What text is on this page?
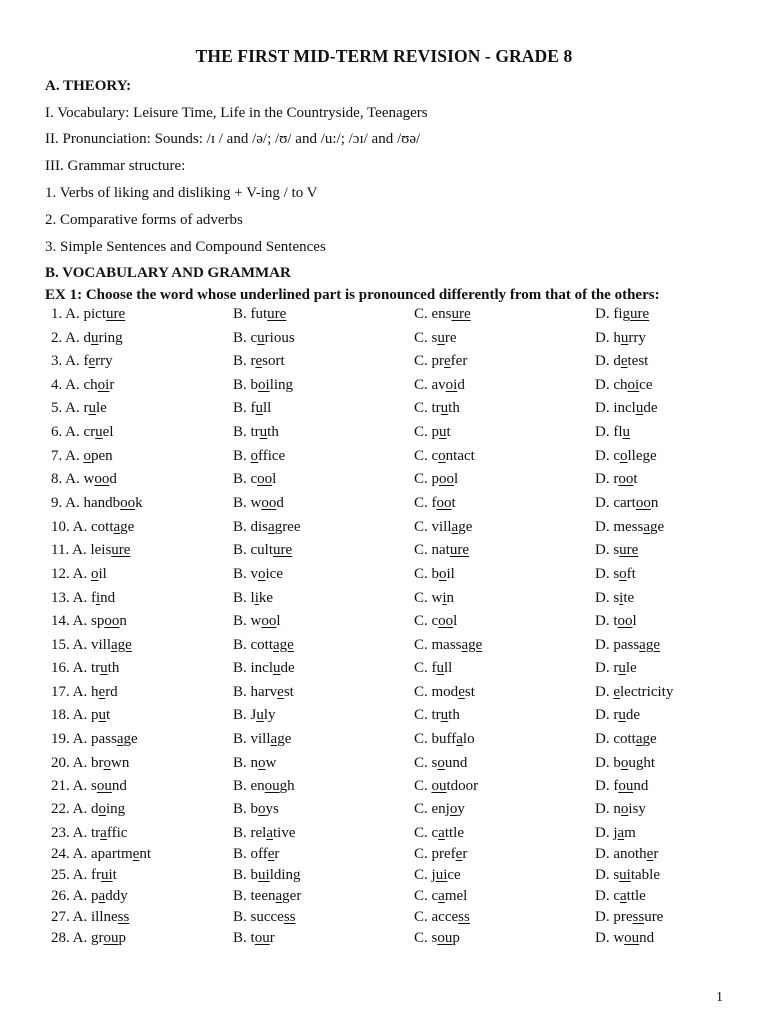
THE FIRST MID-TERM REVISION - GRADE 8
A. THEORY:
I. Vocabulary: Leisure Time, Life in the Countryside, Teenagers
II. Pronunciation: Sounds: /ɪ / and /ə/; /ʊ/ and /u:/; /ɔɪ/ and /ʊə/
III. Grammar structure:
1. Verbs of liking and disliking + V-ing / to V
2. Comparative forms of adverbs
3. Simple Sentences and Compound Sentences
B. VOCABULARY AND GRAMMAR
EX 1: Choose the word whose underlined part is pronounced differently from that of the others:
1. A. picture	B. future	C. ensure	D. figure
2. A. during	B. curious	C. sure	D. hurry
3. A. ferry	B. resort	C. prefer	D. detest
4. A. choir	B. boiling	C. avoid	D. choice
5. A. rule	B. full	C. truth	D. include
6. A. cruel	B. truth	C. put	D. flu
7. A. open	B. office	C. contact	D. college
8. A. wood	B. cool	C. pool	D. root
9. A. handbook	B. wood	C. foot	D. cartoon
10. A. cottage	B. disagree	C. village	D. message
11. A. leisure	B. culture	C. nature	D. sure
12. A. oil	B. voice	C. boil	D. soft
13. A. find	B. like	C. win	D. site
14. A. spoon	B. wool	C. cool	D. tool
15. A. village	B. cottage	C. massage	D. passage
16. A. truth	B. include	C. full	D. rule
17. A. herd	B. harvest	C. modest	D. electricity
18. A. put	B. July	C. truth	D. rude
19. A. passage	B. village	C. buffalo	D. cottage
20. A. brown	B. now	C. sound	D. bought
21. A. sound	B. enough	C. outdoor	D. found
22. A. doing	B. boys	C. enjoy	D. noisy
23. A. traffic	B. relative	C. cattle	D. jam
24. A. apartment	B. offer	C. prefer	D. another
25. A. fruit	B. building	C. juice	D. suitable
26. A. paddy	B. teenager	C. camel	D. cattle
27. A. illness	B. success	C. access	D. pressure
28. A. group	B. tour	C. soup	D. wound
1
